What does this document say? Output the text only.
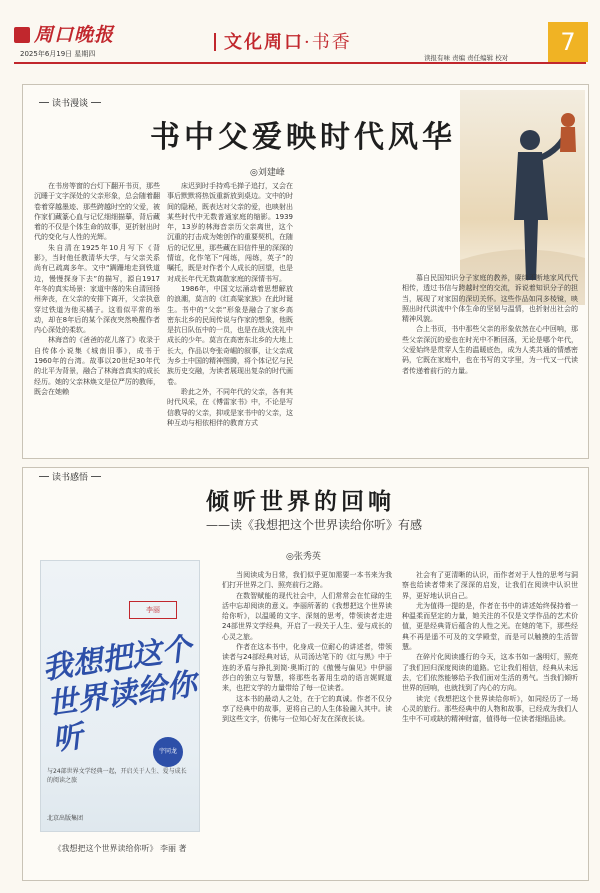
周口晚报
2025年6月19日 星期四
文化周口·书香
读报有味 责编 责任编辑 校对
7
读书漫谈
书中父爱映时代风华
◎刘建峰

在书房等窗的台灯下翻开书页，那些沉睡于文字深处的父亲形象，总会随着翻卷着穿越墨迹、那些跨越时空的父爱，被作家们藏篆心血与记忆细细描摹，背后藏着的不仅是个体生命的故事，更折射出时代的变化与人性的光辉。

朱自清在1925年10月写下《背影》，当时他任教清华大学，与父亲关系尚有已疏离多年。文中“蹒跚地走到铁道边，慢慢探身下去”的描写，源自1917年冬的真实场景：家道中落的朱自清回扬州奔丧，在父亲的安排下离开，父亲执意穿过铁道为他买橘子。这看似平常的举动，却在8年后的某个深夜突然唤醒作者内心深处的柔软。

林海音的《爸爸的花儿落了》收录于自传体小说集《城南旧事》，成书于1960年的台湾。故事以20世纪30年代的北平为背景，融合了林海音真实的成长经历。她的父亲林焕文是位严厉的教师，既会在她赖

床迟到时手持鸡毛掸子追打，又会在事后默默将热饭重新放到桌边。文中的时间的隐秘，既表达对父亲的爱，也映射出某些时代中无数普通家庭的缩影。1939年，13岁的林海音亲历父亲离世，这个沉重的打击成为她创作的重要契机，在随后的记忆里，那些藏在旧信件里的深深的情谊，化作笔下“闯练，闯练，英子”的嘱托，既是对作者个人成长的回望，也是对成长年代无数离散家庭的深情书写。

1986年，中国文坛涌动着思想解放的浪潮，莫言的《红高粱家族》在此时诞生。书中的“父亲”形象是融合了家乡高密东北乡的民间传说与作家的想象，他既是抗日队伍中的一员，也是在战火洗礼中成长的少年。莫言在高密东北乡的大地上长大，作品以夸张奇崛的叙事，让父亲成为乡土中国的精神图腾，将个体记忆与民族历史交融，为读者展现出复杂的时代画卷。

聆此之外，不同年代的父亲，各有其时代风采，在《傅雷家书》中，不论是写信教导的父亲，抑或是家书中的父亲，这种互动与相依相伴的教育方式

慕自民国知识分子家庭的教养，赓续不断地家风代代相传，透过书信与跨越时空的交流，诉说着知识分子的担当，展现了对家国的深切关怀。这些作品如同多棱镜，映照出时代洪流中个体生命的坚韧与温情，也折射出社会的精神风貌。

合上书页，书中那些父亲的形象依然在心中回响，那些父亲深沉的爱也在时光中不断回荡，无论是哪个年代，父爱始终是贯穿人生的温暖底色，成为人类共通的情感密码，它既在家庭中，也在书写的文字里，为一代又一代读者传递着前行的力量。

读书感悟
倾听世界的回响
——读《我想把这个世界读给你听》有感
◎张秀英
李丽
我想把这个世界读给你听	宇同龙
与24部世界文学经典一起，开启关于人生、爱与成长的阅读之旅
北京出版集团
《我想把这个世界读给你听》 李丽 著

当阅读成为日常，我们似乎更加需要一本书来为我们打开世界之门、照亮前行之路。

在数智赋能的现代社会中，人们常常会在忙碌的生活中忘却阅读的意义。李丽所著的《我想把这个世界读给你听》，以温暖的文字、深刻的思考，带领读者走进24部世界文学经典，开启了一段关于人生、爱与成长的心灵之旅。

作者在这本书中，化身成一位耐心的讲述者，带领读者与24部经典对话，从司汤达笔下的《红与黑》中于连的矛盾与挣扎到简·奥斯汀的《傲慢与偏见》中伊丽莎白的独立与智慧，将那些名著用生动的语言娓娓道来，也把文学的力量带给了每一位读者。

这本书的最动人之处，在于它的真诚。作者不仅分享了经典中的故事，更将自己的人生体验融入其中。读到这些文字，仿佛与一位知心好友在深夜长谈。

社会有了更清晰的认识，而作者对于人性的思考与洞察也给读者带来了深深的启发，让我们在阅读中认识世界，更好地认识自己。

尤为值得一提的是，作者在书中的讲述始终保持着一种温柔而坚定的力量，她关注的不仅是文学作品的艺术价值，更是经典背后蕴含的人性之光。在她的笔下，那些经典不再是遥不可及的文学殿堂，而是可以触摸的生活智慧。

在碎片化阅读盛行的今天，这本书如一盏明灯，照亮了我们回归深度阅读的道路。它让我们相信，经典从未远去，它们依然能够给予我们面对生活的勇气。当我们倾听世界的回响，也就找到了内心的方向。

读完《我想把这个世界读给你听》，如同经历了一场心灵的旅行。那些经典中的人物和故事，已经成为我们人生中不可或缺的精神财富，值得每一位读者细细品读。
